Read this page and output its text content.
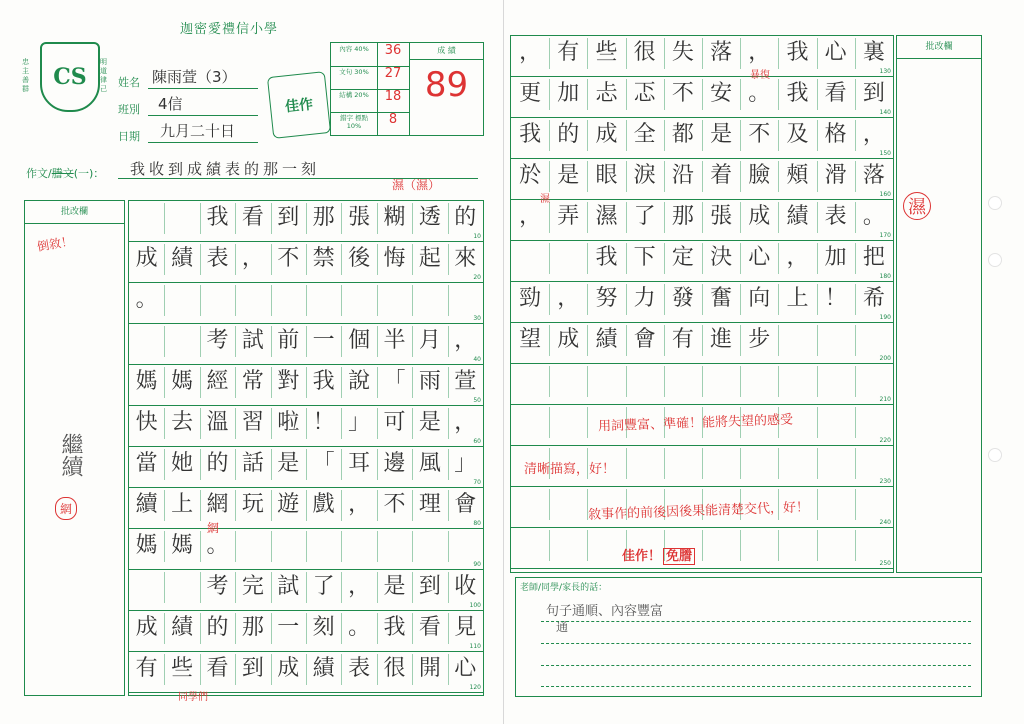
迦密愛禮信小學
CS
忠主善群
明道律己	姓名 陳雨萱（3）
班別 4信
日期 九月二十日
佳作
內容 40%	36
文句 30%	27
結構 20%	18
錯字 標點 10%	8
成 績
89
作文/謄文(一)： 我收到成績表的那一刻
批改欄
倒敘！
繼續
網
10
我 看 到 那 張 糊 透 的
20
成 績 表 ， 不 禁 後 悔 起 來
30
。
40
考 試 前 一 個 半 月 ，
50
媽 媽 經 常 對 我 說 「 雨 萱
60
快 去 溫 習 啦 ！ 」 可 是 ，
70
當 她 的 話 是 「 耳 邊 風 」
80
續 上 網 玩 遊 戲 ， 不 理 會
90
媽 媽 。
100
考 完 試 了 ， 是 到 收
110
成 績 的 那 一 刻 。 我 看 見
120
有 些 看 到 成 績 表 很 開 心
濕（濕）
網
同學們
130
， 有 些 很 失 落 ， 我 心 裏
140
更 加 忐 忑 不 安 。 我 看 到
150
我 的 成 全 都 是 不 及 格 ，
160
於 是 眼 淚 沿 着 臉 頰 滑 落
170
， 弄 濕 了 那 張 成 績 表 。
180
我 下 定 決 心 ， 加 把
190
勁 ， 努 力 發 奮 向 上 ！ 希
200
望 成 績 會 有 進 步
210
220
230
240
250
暴復
濕
用詞豐富、準確！能將失望的感受
清晰描寫，好！
敘事作的前後因後果能清楚交代，好！
佳作！ 免謄
批改欄
濕
老師/同學/家長的話：
句子通順、內容豐富
通
